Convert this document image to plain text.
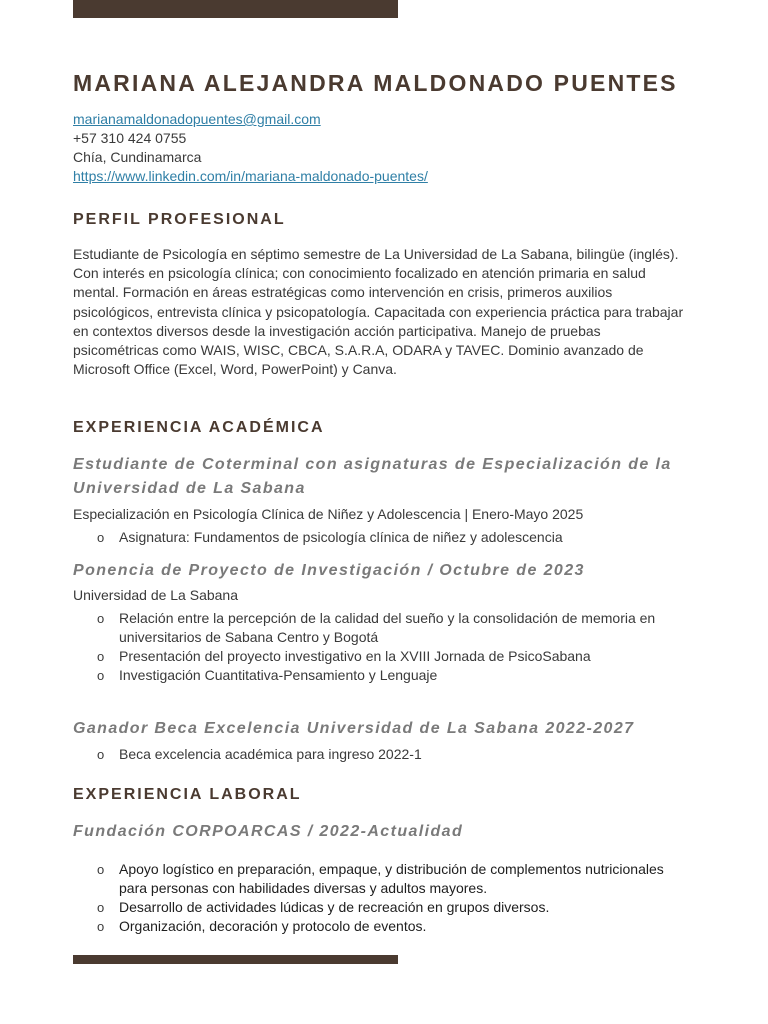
MARIANA ALEJANDRA MALDONADO PUENTES
marianamaldonadopuentes@gmail.com
+57 310 424 0755
Chía, Cundinamarca
https://www.linkedin.com/in/mariana-maldonado-puentes/
PERFIL PROFESIONAL

Estudiante de Psicología en séptimo semestre de La Universidad de La Sabana, bilingüe (inglés). Con interés en psicología clínica; con conocimiento focalizado en atención primaria en salud mental. Formación en áreas estratégicas como intervención en crisis, primeros auxilios psicológicos, entrevista clínica y psicopatología. Capacitada con experiencia práctica para trabajar en contextos diversos desde la investigación acción participativa. Manejo de pruebas psicométricas como WAIS, WISC, CBCA, S.A.R.A, ODARA y TAVEC. Dominio avanzado de Microsoft Office (Excel, Word, PowerPoint) y Canva.

EXPERIENCIA ACADÉMICA
Estudiante de Coterminal con asignaturas de Especialización de la Universidad de La Sabana

Especialización en Psicología Clínica de Niñez y Adolescencia | Enero-Mayo 2025

o Asignatura: Fundamentos de psicología clínica de niñez y adolescencia
Ponencia de Proyecto de Investigación / Octubre de 2023

Universidad de La Sabana

o Relación entre la percepción de la calidad del sueño y la consolidación de memoria en universitarios de Sabana Centro y Bogotá
o Presentación del proyecto investigativo en la XVIII Jornada de PsicoSabana
o Investigación Cuantitativa-Pensamiento y Lenguaje
Ganador Beca Excelencia Universidad de La Sabana 2022-2027
o Beca excelencia académica para ingreso 2022-1
EXPERIENCIA LABORAL
Fundación CORPOARCAS / 2022-Actualidad
o Apoyo logístico en preparación, empaque, y distribución de complementos nutricionales para personas con habilidades diversas y adultos mayores.
o Desarrollo de actividades lúdicas y de recreación en grupos diversos.
o Organización, decoración y protocolo de eventos.
